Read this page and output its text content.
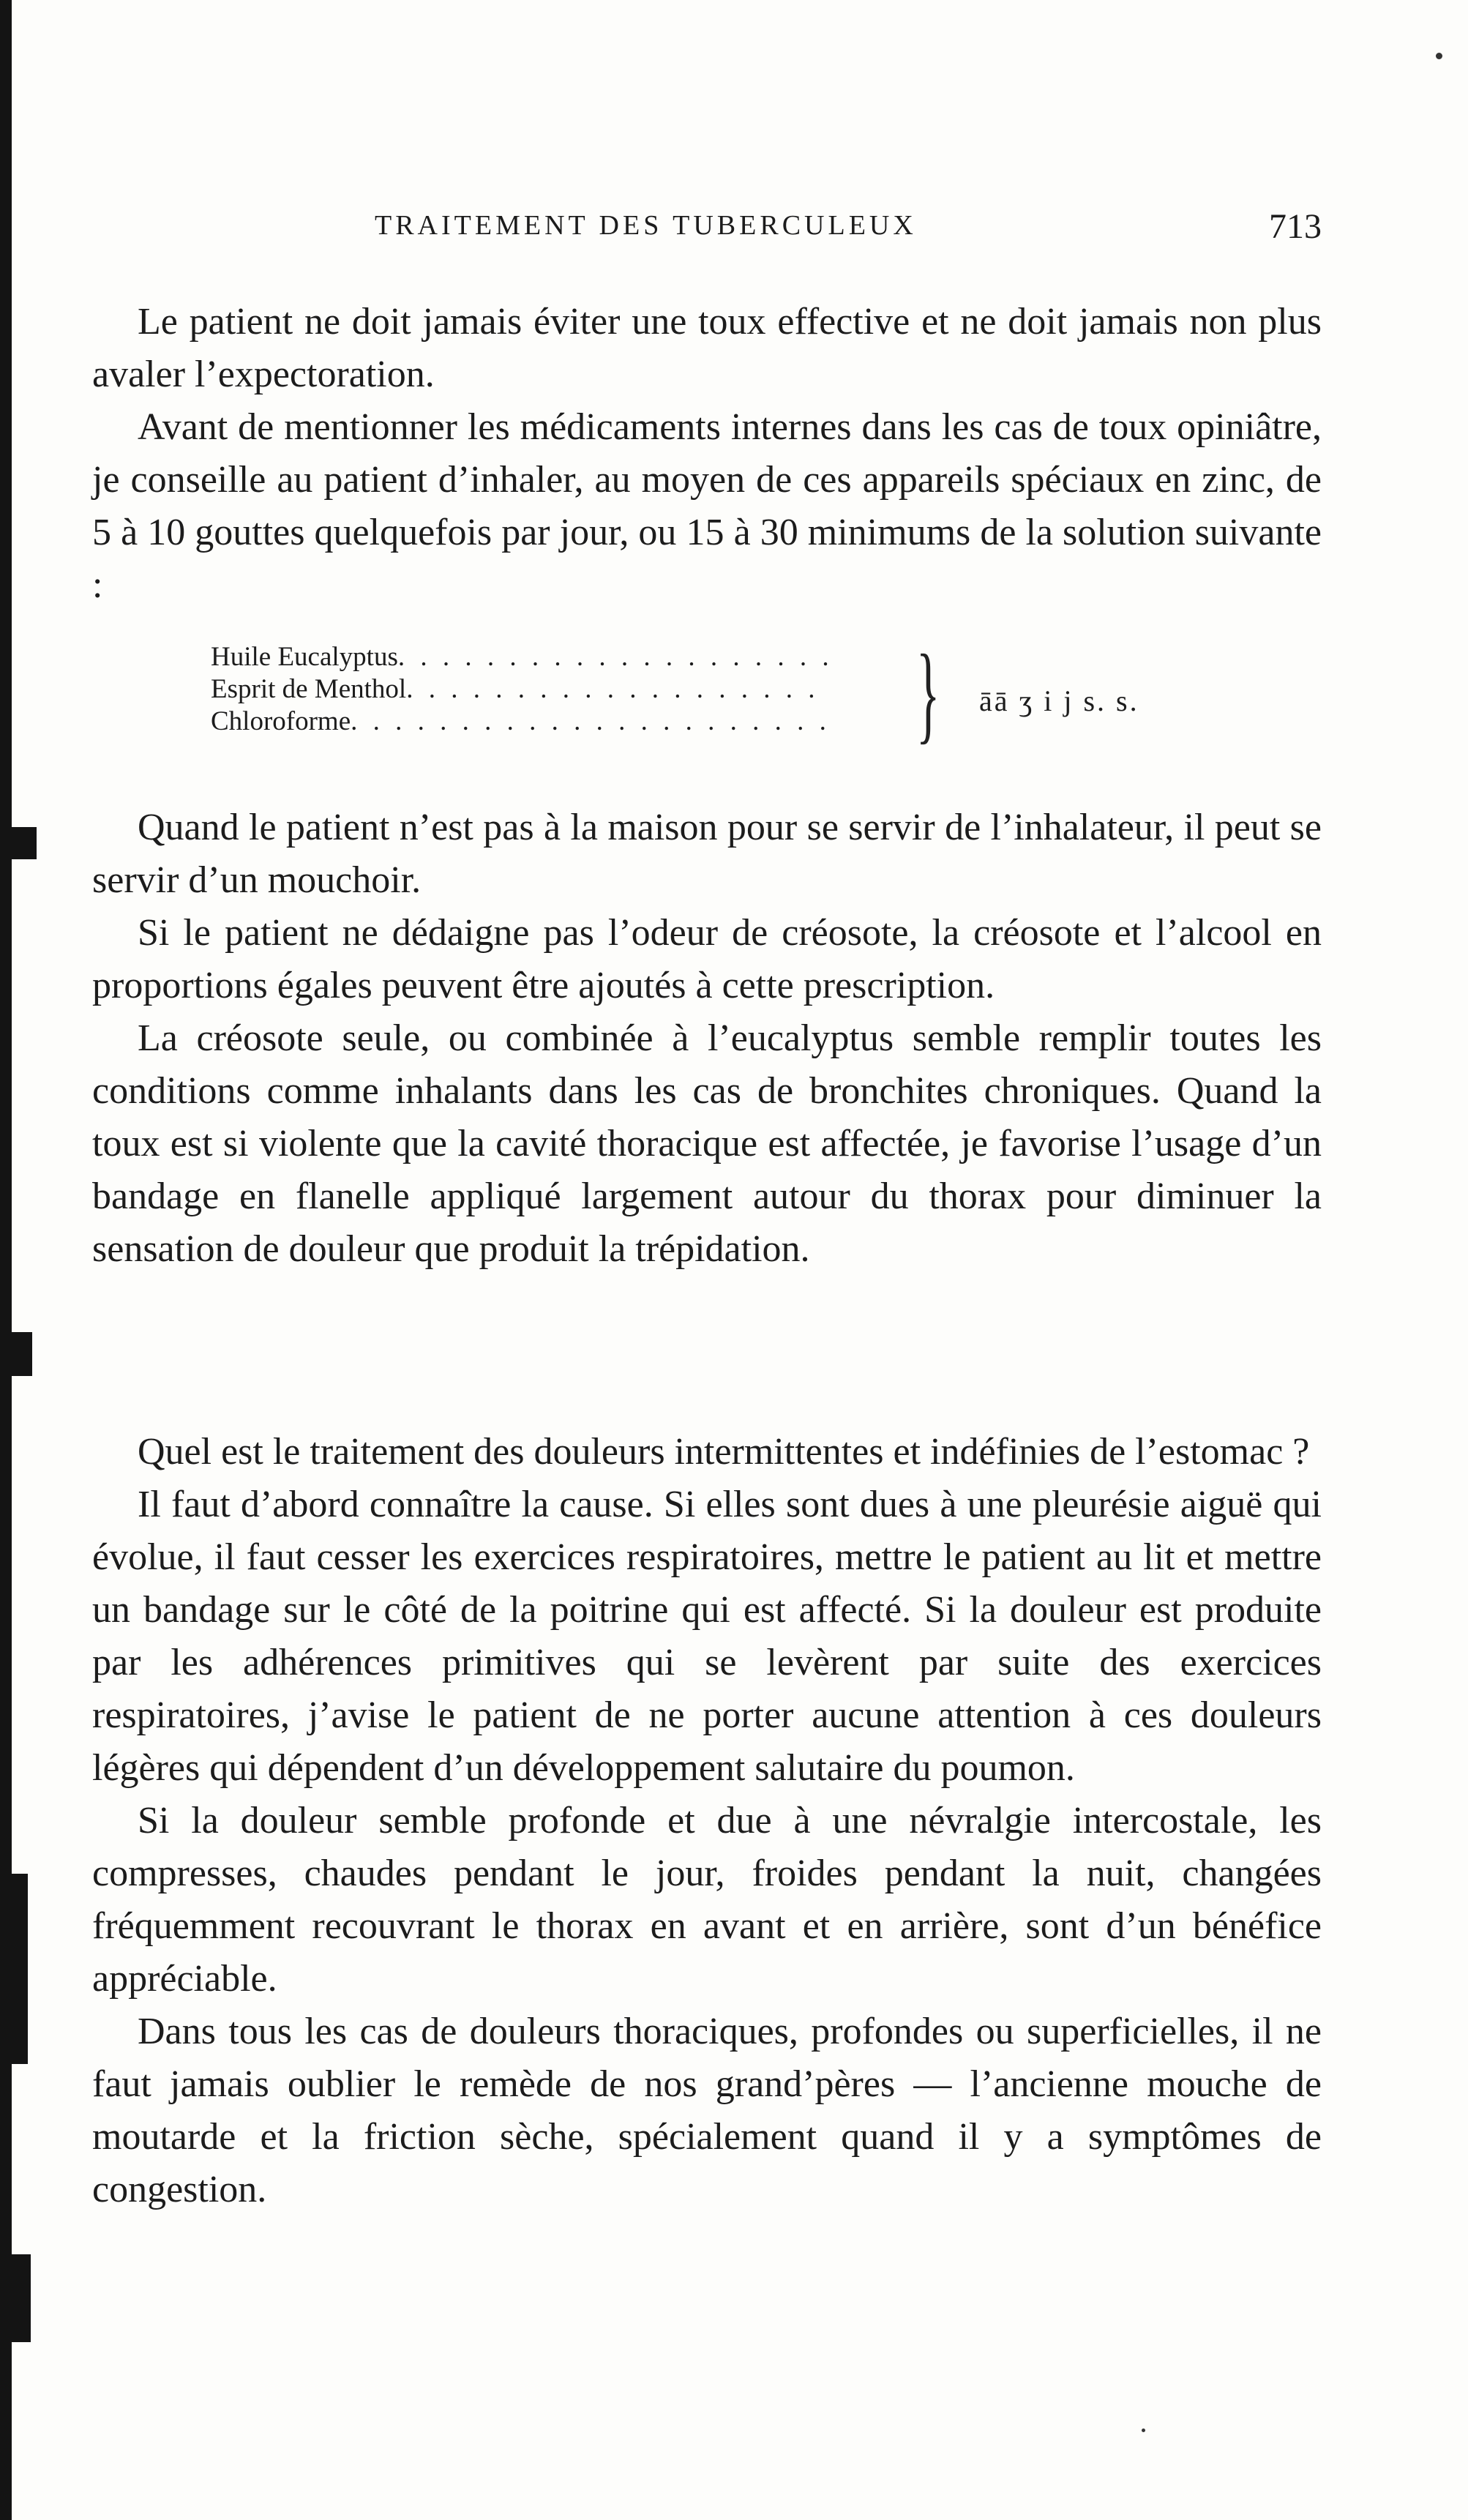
TRAITEMENT DES TUBERCULEUX	713

Le patient ne doit jamais éviter une toux effective et ne doit jamais non plus avaler l’expectoration.

Avant de mentionner les médicaments internes dans les cas de toux opiniâtre, je conseille au patient d’inhaler, au moyen de ces appareils spéciaux en zinc, de 5 à 10 gouttes quelquefois par jour, ou 15 à 30 minimums de la solution suivante :

Huile Eucalyptus. . . . . . . . . . . . . . . . . . . .
Esprit de Menthol. . . . . . . . . . . . . . . . . . .
Chloroforme. . . . . . . . . . . . . . . . . . . . . . } āā ʒ i j s. s.

Quand le patient n’est pas à la maison pour se servir de l’inhalateur, il peut se servir d’un mouchoir.

Si le patient ne dédaigne pas l’odeur de créosote, la créosote et l’alcool en proportions égales peuvent être ajoutés à cette prescription.

La créosote seule, ou combinée à l’eucalyptus semble remplir toutes les conditions comme inhalants dans les cas de bronchites chroniques. Quand la toux est si violente que la cavité thoracique est affectée, je favorise l’usage d’un bandage en flanelle appliqué largement autour du thorax pour diminuer la sensation de douleur que produit la trépidation.

Quel est le traitement des douleurs intermittentes et indéfinies de l’estomac ?

Il faut d’abord connaître la cause. Si elles sont dues à une pleurésie aiguë qui évolue, il faut cesser les exercices respiratoires, mettre le patient au lit et mettre un bandage sur le côté de la poitrine qui est affecté. Si la douleur est produite par les adhérences primitives qui se levèrent par suite des exercices respiratoires, j’avise le patient de ne porter aucune attention à ces douleurs légères qui dépendent d’un développement salutaire du poumon.

Si la douleur semble profonde et due à une névralgie intercostale, les compresses, chaudes pendant le jour, froides pendant la nuit, changées fréquemment recouvrant le thorax en avant et en arrière, sont d’un bénéfice appréciable.

Dans tous les cas de douleurs thoraciques, profondes ou superficielles, il ne faut jamais oublier le remède de nos grand’pères — l’ancienne mouche de moutarde et la friction sèche, spécialement quand il y a symptômes de congestion.
